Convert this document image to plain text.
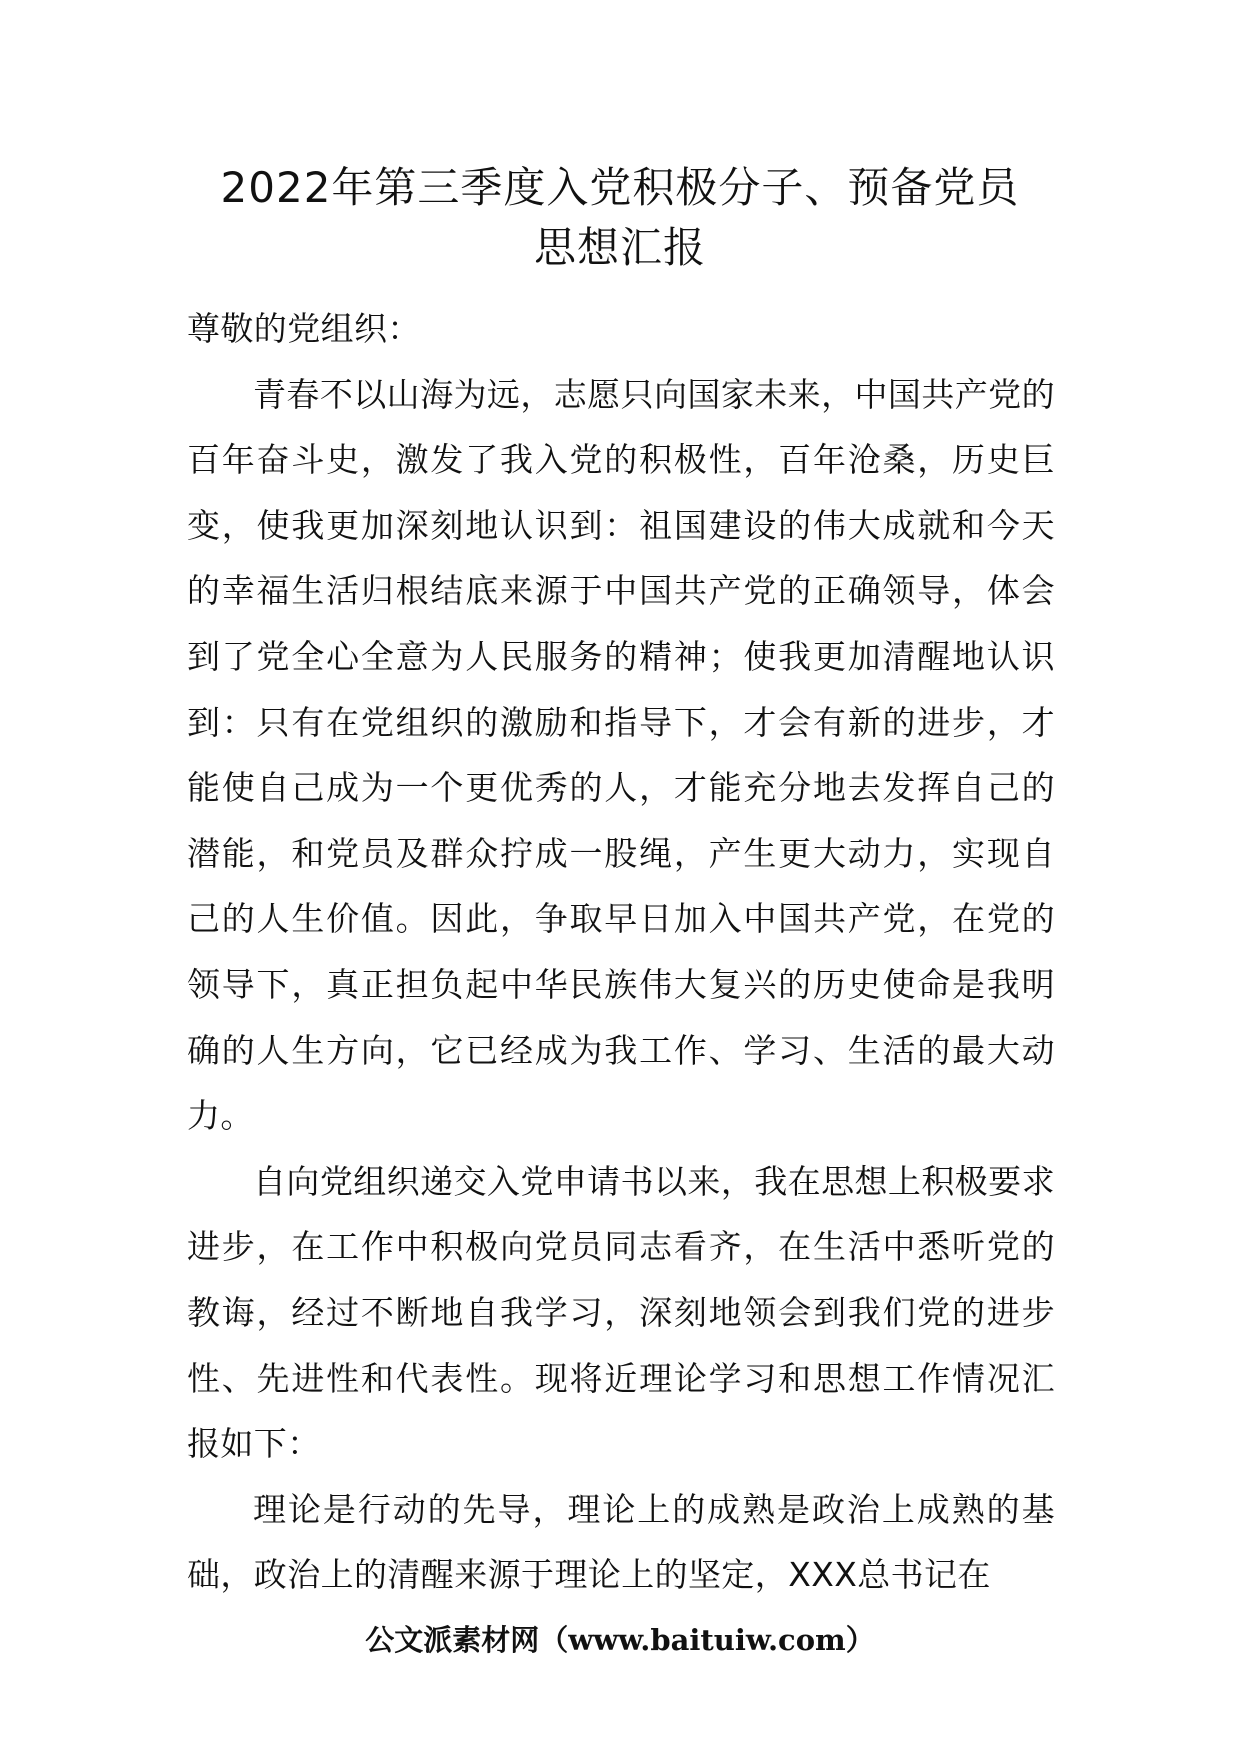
2022年第三季度入党积极分子、预备党员
思想汇报

尊敬的党组织：

青春不以山海为远，志愿只向国家未来，中国共产党的百年奋斗史，激发了我入党的积极性，百年沧桑，历史巨变，使我更加深刻地认识到：祖国建设的伟大成就和今天的幸福生活归根结底来源于中国共产党的正确领导，体会到了党全心全意为人民服务的精神；使我更加清醒地认识到：只有在党组织的激励和指导下，才会有新的进步，才能使自己成为一个更优秀的人，才能充分地去发挥自己的潜能，和党员及群众拧成一股绳，产生更大动力，实现自己的人生价值。因此，争取早日加入中国共产党，在党的领导下，真正担负起中华民族伟大复兴的历史使命是我明确的人生方向，它已经成为我工作、学习、生活的最大动力。

自向党组织递交入党申请书以来，我在思想上积极要求进步，在工作中积极向党员同志看齐，在生活中悉听党的教诲，经过不断地自我学习，深刻地领会到我们党的进步性、先进性和代表性。现将近理论学习和思想工作情况汇报如下：

理论是行动的先导，理论上的成熟是政治上成熟的基础，政治上的清醒来源于理论上的坚定，XXX总书记在

公文派素材网（www.baituiw.com）
